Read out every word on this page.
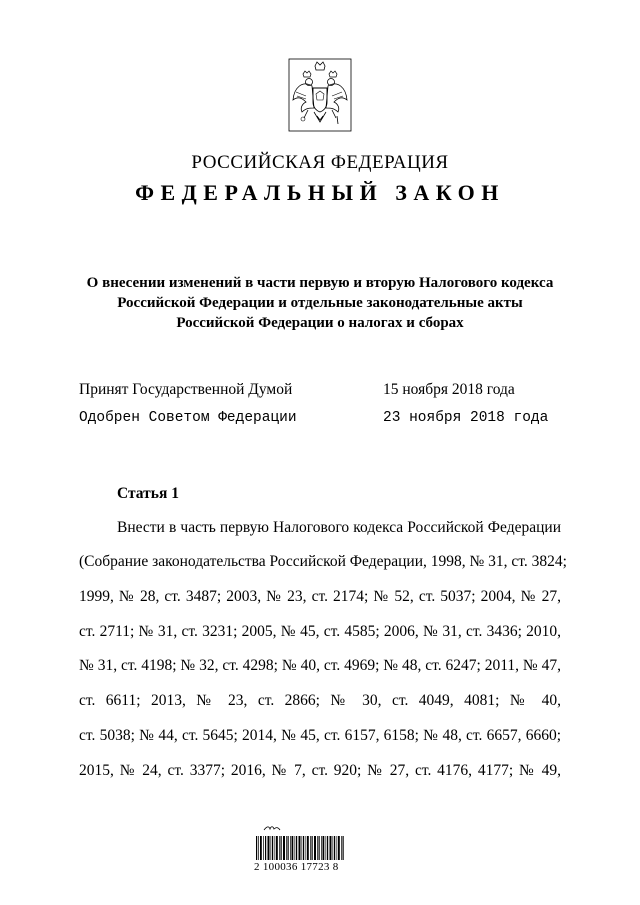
РОССИЙСКАЯ ФЕДЕРАЦИЯ
ФЕДЕРАЛЬНЫЙ ЗАКОН
О внесении изменений в части первую и вторую Налогового кодекса
Российской Федерации и отдельные законодательные акты
Российской Федерации о налогах и сборах
Принят Государственной Думой	15 ноября 2018 года
Одобрен Советом Федерации	23 ноября 2018 года
Статья 1
Внести в часть первую Налогового кодекса Российской Федерации
(Собрание законодательства Российской Федерации, 1998, № 31, ст. 3824;
1999, № 28, ст. 3487; 2003, № 23, ст. 2174; № 52, ст. 5037; 2004, № 27,
ст. 2711; № 31, ст. 3231; 2005, № 45, ст. 4585; 2006, № 31, ст. 3436; 2010,
№ 31, ст. 4198; № 32, ст. 4298; № 40, ст. 4969; № 48, ст. 6247; 2011, № 47,
ст. 6611; 2013, № 23, ст. 2866; № 30, ст. 4049, 4081; № 40,
ст. 5038; № 44, ст. 5645; 2014, № 45, ст. 6157, 6158; № 48, ст. 6657, 6660;
2015, № 24, ст. 3377; 2016, № 7, ст. 920; № 27, ст. 4176, 4177; № 49,
2 100036 17723 8
